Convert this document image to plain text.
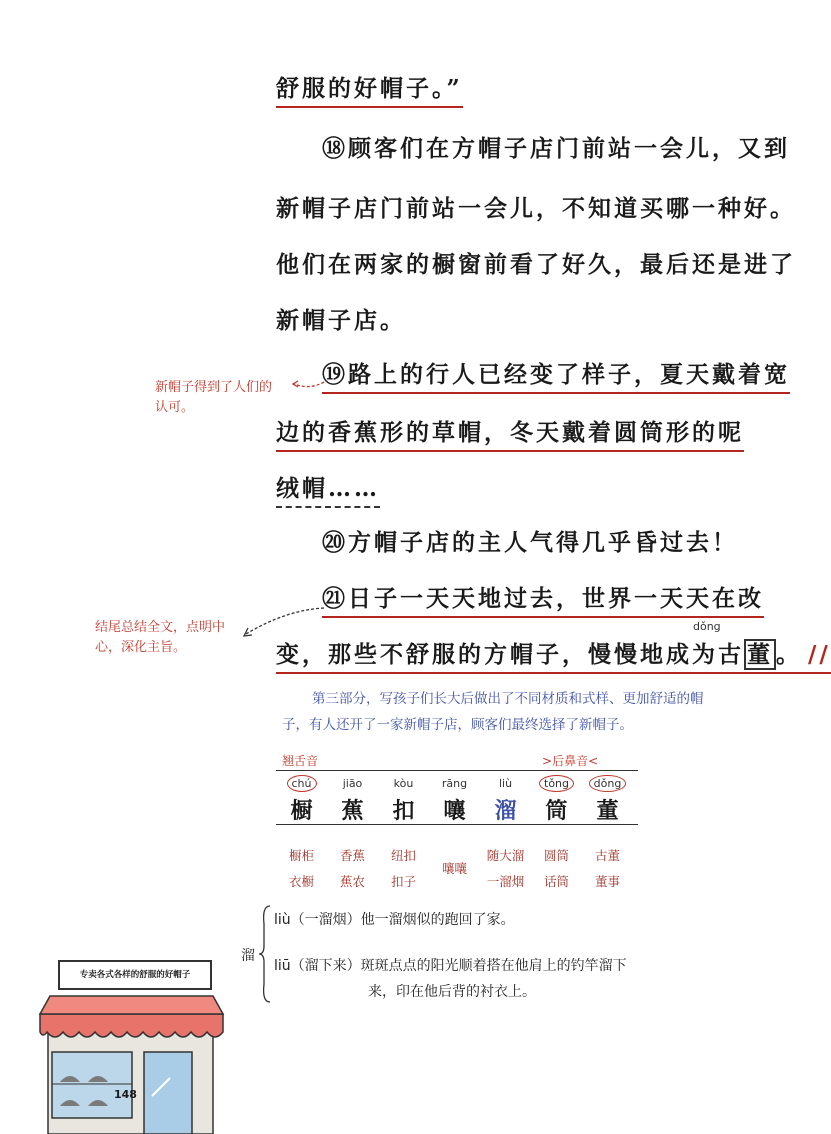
舒服的好帽子。”
⑱顾客们在方帽子店门前站一会儿，又到
新帽子店门前站一会儿，不知道买哪一种好。
他们在两家的橱窗前看了好久，最后还是进了
新帽子店。
⑲路上的行人已经变了样子，夏天戴着宽
边的香蕉形的草帽，冬天戴着圆筒形的呢
绒帽……
⑳方帽子店的主人气得几乎昏过去！
㉑日子一天天地过去，世界一天天在改
变，那些不舒服的方帽子，慢慢地成为古 董 。 //
dǒng
新帽子得到了人们的
认可。
结尾总结全文，点明中
心，深化主旨。
第三部分，写孩子们长大后做出了不同材质和式样、更加舒适的帽
子，有人还开了一家新帽子店，顾客们最终选择了新帽子。
翘舌音	>后鼻音<
chú	jiāo	kòu	rāng	liù	tǒng	dǒng
橱	蕉	扣	嚷	溜	筒	董

橱柜	香蕉	纽扣	嚷嚷	随大溜	圆筒	古董
衣橱	蕉农	扣子		一溜烟	话筒	董事
溜
liù（一溜烟）他一溜烟似的跑回了家。
liū（溜下来）斑斑点点的阳光顺着搭在他肩上的钓竿溜下
来，印在他后背的衬衣上。
专卖各式各样的舒服的好帽子
148
